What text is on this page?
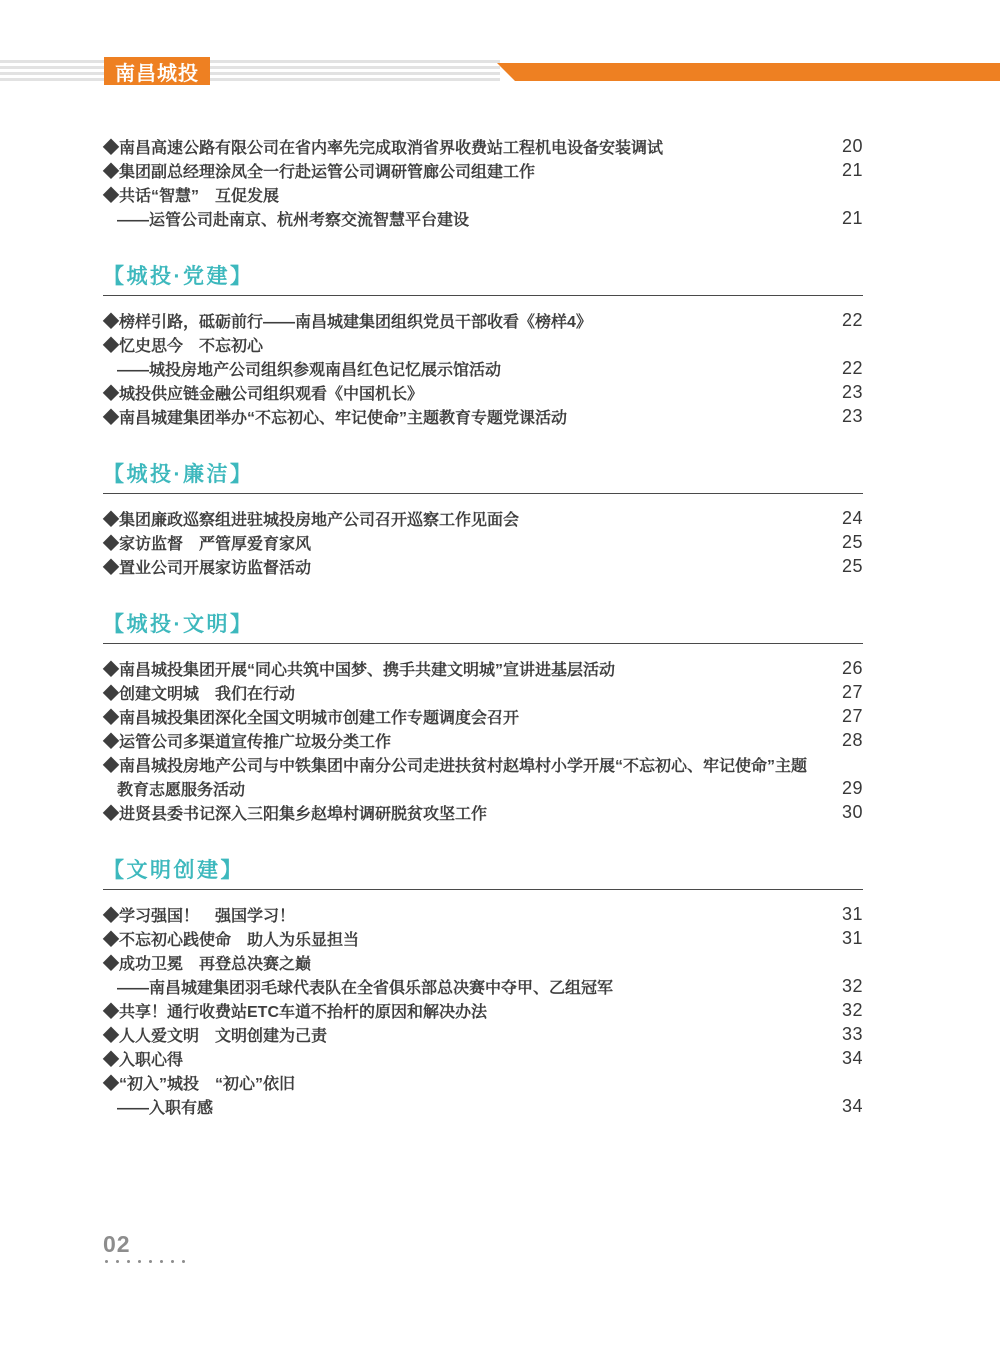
南昌城投
◆南昌高速公路有限公司在省内率先完成取消省界收费站工程机电设备安装调试	20
◆集团副总经理涂凤全一行赴运管公司调研管廊公司组建工作	21
◆共话“智慧”　互促发展
——运管公司赴南京、杭州考察交流智慧平台建设	21
【城投·党建】
◆榜样引路，砥砺前行——南昌城建集团组织党员干部收看《榜样4》	22
◆忆史思今　不忘初心
——城投房地产公司组织参观南昌红色记忆展示馆活动	22
◆城投供应链金融公司组织观看《中国机长》	23
◆南昌城建集团举办“不忘初心、牢记使命”主题教育专题党课活动	23
【城投·廉洁】
◆集团廉政巡察组进驻城投房地产公司召开巡察工作见面会	24
◆家访监督　严管厚爱育家风	25
◆置业公司开展家访监督活动	25
【城投·文明】
◆南昌城投集团开展“同心共筑中国梦、携手共建文明城”宣讲进基层活动	26
◆创建文明城　我们在行动	27
◆南昌城投集团深化全国文明城市创建工作专题调度会召开	27
◆运管公司多渠道宣传推广垃圾分类工作	28
◆南昌城投房地产公司与中铁集团中南分公司走进扶贫村赵埠村小学开展“不忘初心、牢记使命”主题
教育志愿服务活动	29
◆进贤县委书记深入三阳集乡赵埠村调研脱贫攻坚工作	30
【文明创建】
◆学习强国！　强国学习！	31
◆不忘初心践使命　助人为乐显担当	31
◆成功卫冕　再登总决赛之巅
——南昌城建集团羽毛球代表队在全省俱乐部总决赛中夺甲、乙组冠军	32
◆共享！通行收费站ETC车道不抬杆的原因和解决办法	32
◆人人爱文明　文明创建为己责	33
◆入职心得	34
◆“初入”城投　“初心”依旧
——入职有感	34
02
